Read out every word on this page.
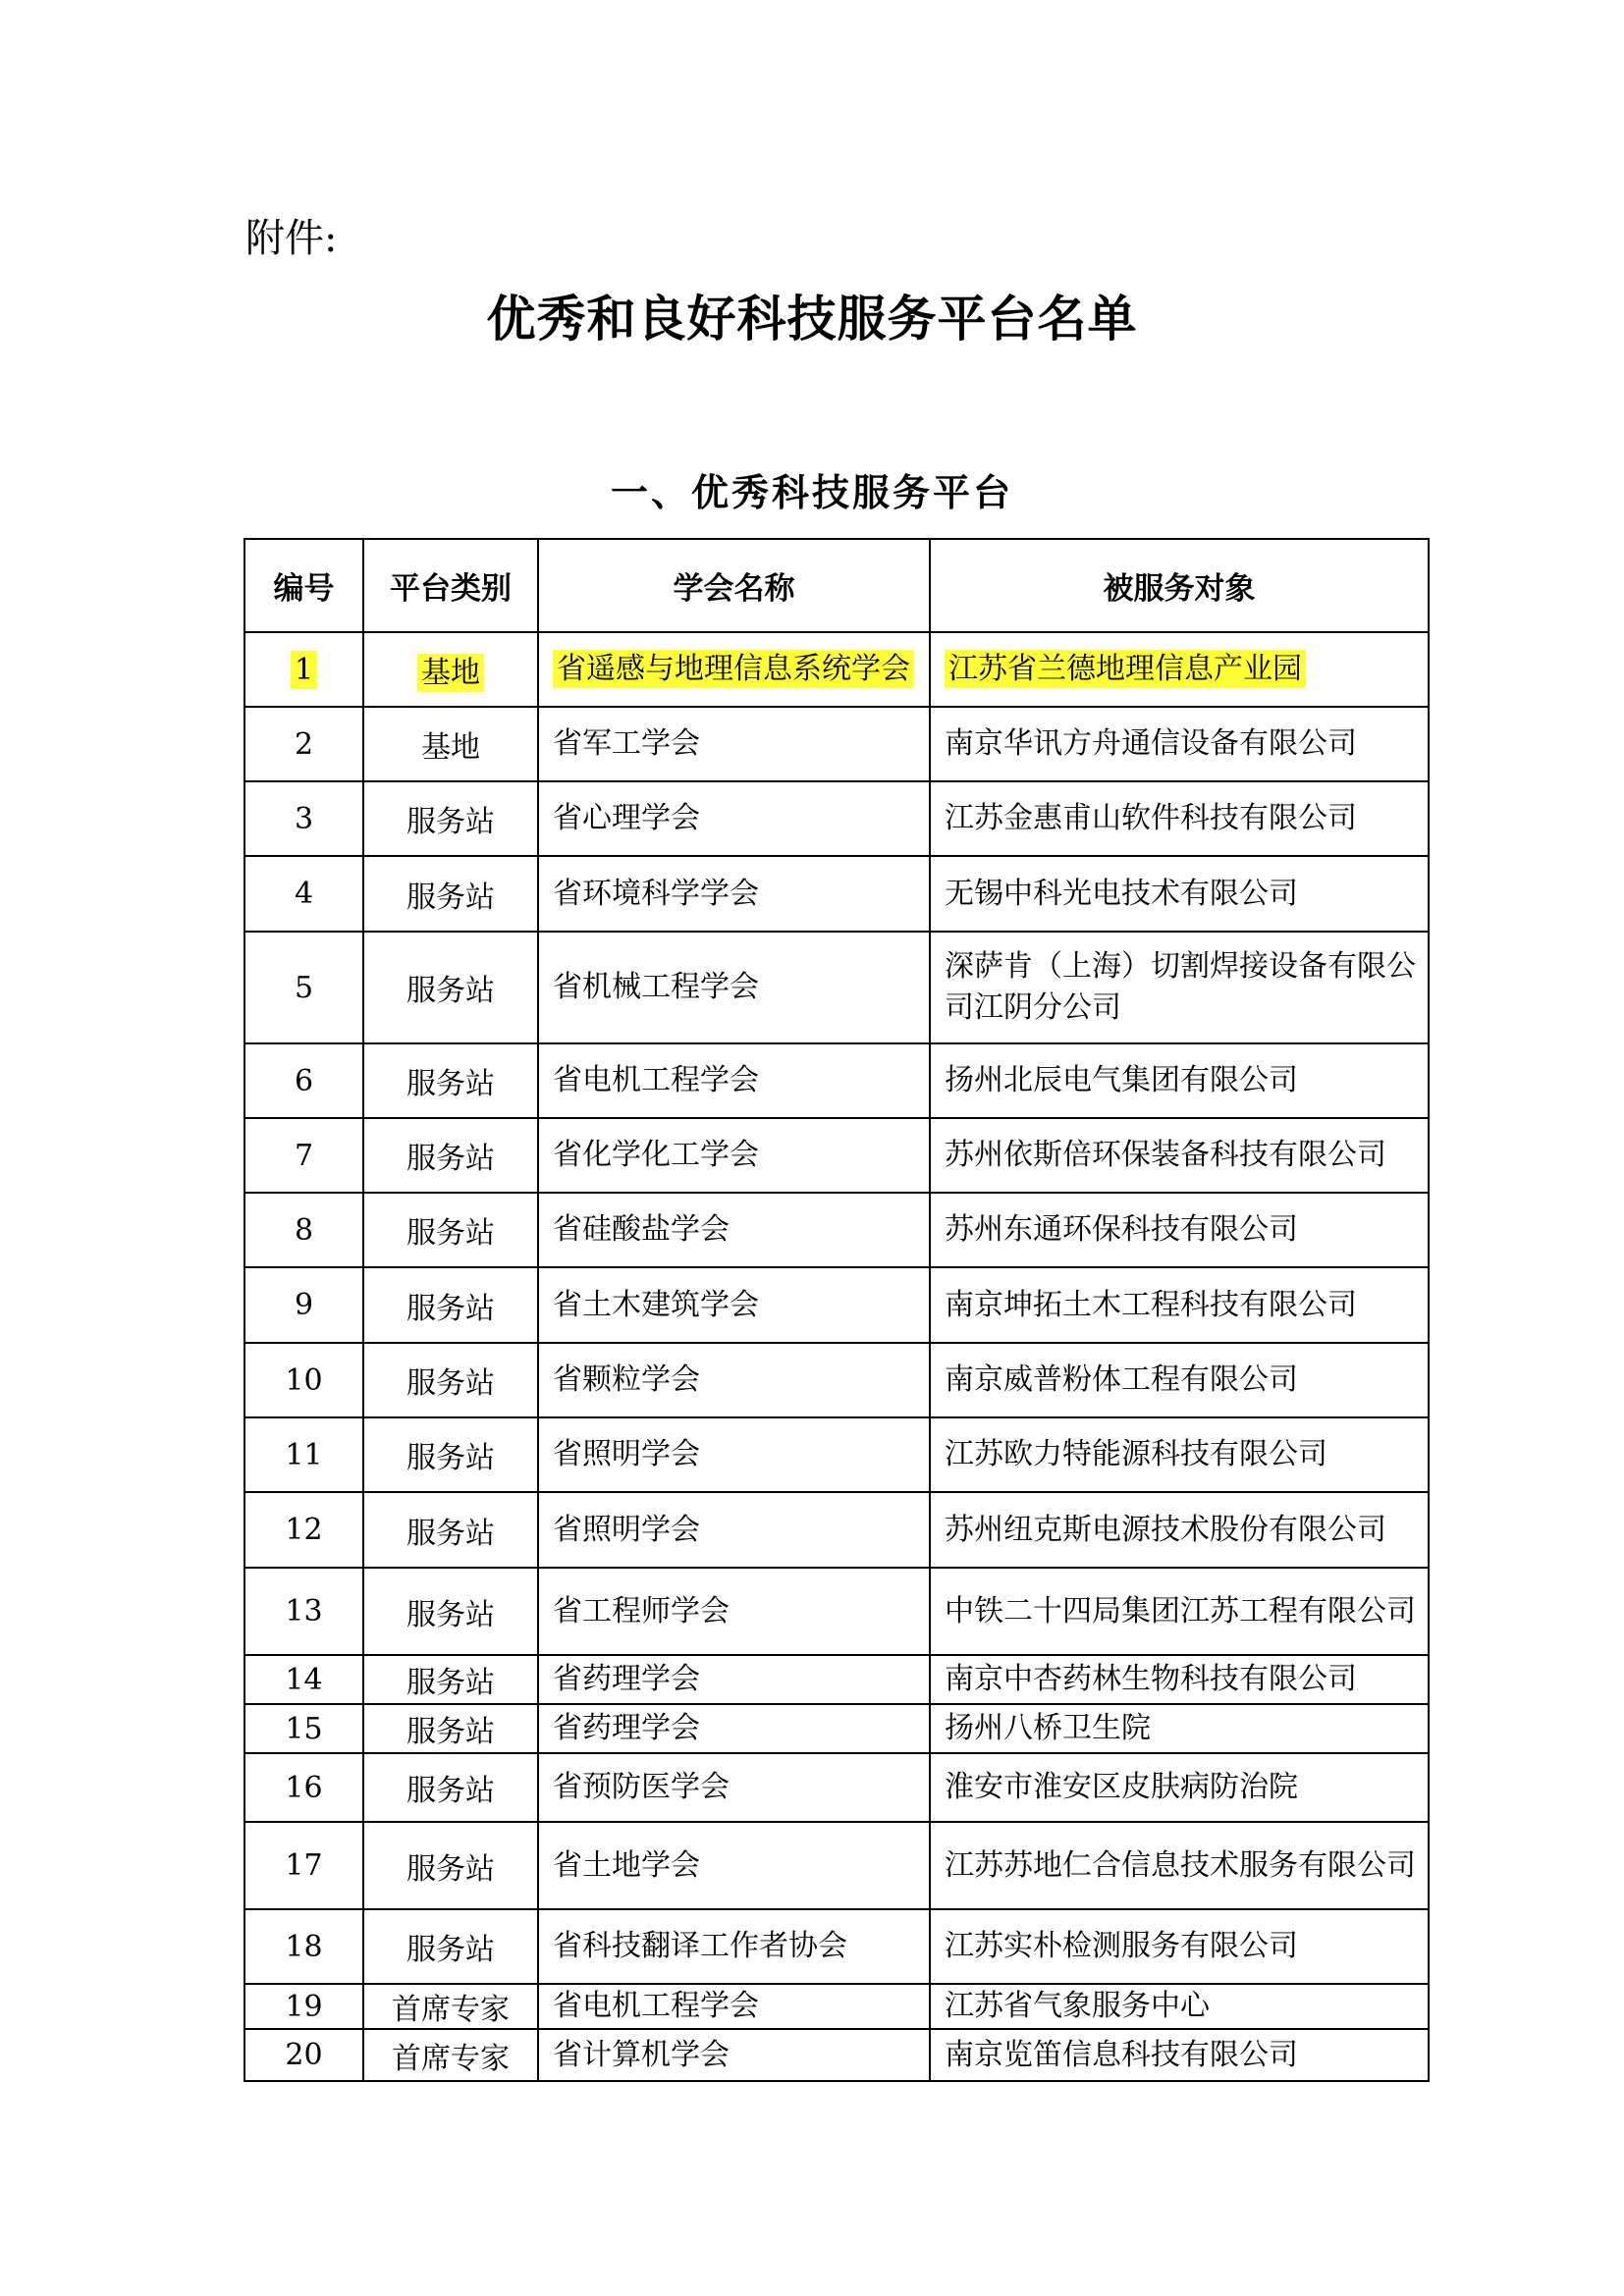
附件:
优秀和良好科技服务平台名单
一、优秀科技服务平台
编号	平台类别	学会名称	被服务对象
1	基地	省遥感与地理信息系统学会	江苏省兰德地理信息产业园
2	基地	省军工学会	南京华讯方舟通信设备有限公司
3	服务站	省心理学会	江苏金惠甫山软件科技有限公司
4	服务站	省环境科学学会	无锡中科光电技术有限公司
5	服务站	省机械工程学会	深萨肯（上海）切割焊接设备有限公司江阴分公司
6	服务站	省电机工程学会	扬州北辰电气集团有限公司
7	服务站	省化学化工学会	苏州依斯倍环保装备科技有限公司
8	服务站	省硅酸盐学会	苏州东通环保科技有限公司
9	服务站	省土木建筑学会	南京坤拓土木工程科技有限公司
10	服务站	省颗粒学会	南京威普粉体工程有限公司
11	服务站	省照明学会	江苏欧力特能源科技有限公司
12	服务站	省照明学会	苏州纽克斯电源技术股份有限公司
13	服务站	省工程师学会	中铁二十四局集团江苏工程有限公司
14	服务站	省药理学会	南京中杏药林生物科技有限公司
15	服务站	省药理学会	扬州八桥卫生院
16	服务站	省预防医学会	淮安市淮安区皮肤病防治院
17	服务站	省土地学会	江苏苏地仁合信息技术服务有限公司
18	服务站	省科技翻译工作者协会	江苏实朴检测服务有限公司
19	首席专家	省电机工程学会	江苏省气象服务中心
20	首席专家	省计算机学会	南京览笛信息科技有限公司
